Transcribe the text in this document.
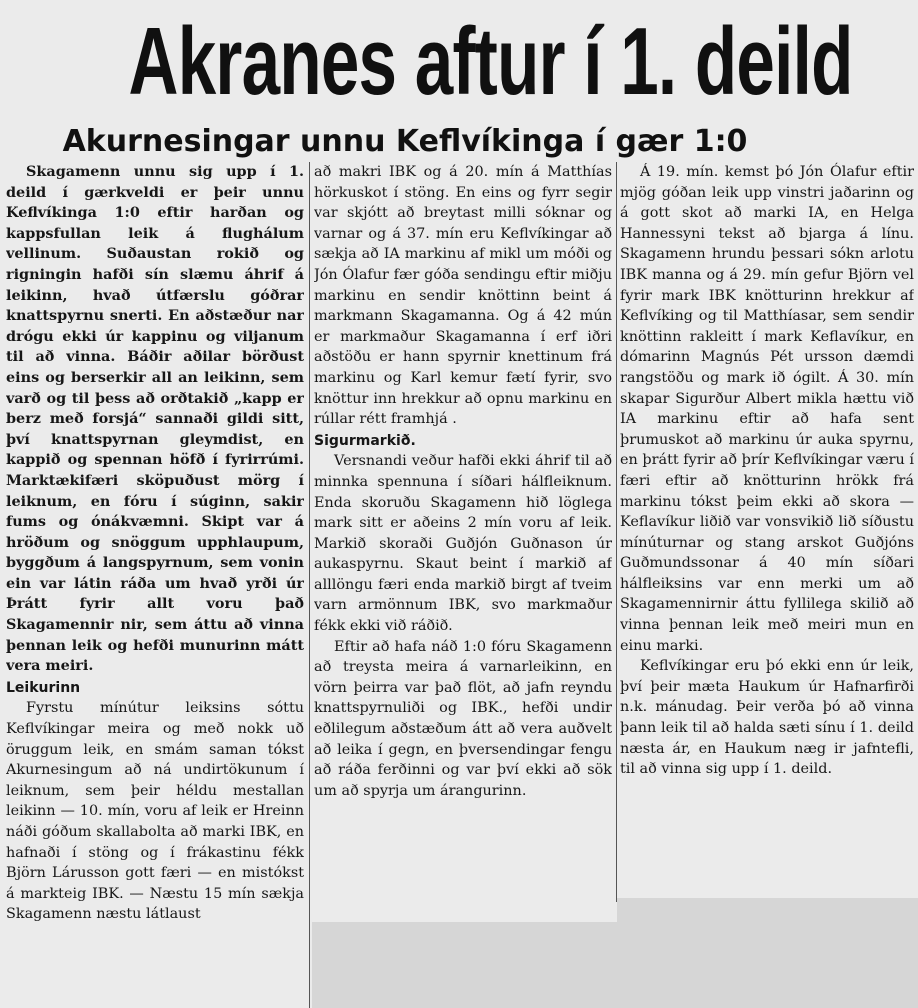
Akranes aftur í 1. deild
Akurnesingar unnu Keflvíkinga í gær 1:0

Skagamenn unnu sig upp í 1. deild í gærkveldi er þeir unnu Keflvíkinga 1:0 eftir harðan og kappsfullan leik á flughálum vellinum. Suðaustan rokið og rigningin hafði sín slæmu áhrif á leikinn, hvað útfærslu góðrar knattspyrnu snerti. En aðstæður nar drógu ekki úr kappinu og viljanum til að vinna. Báðir aðilar börðust eins og berserkir all an leikinn, sem varð og til þess að orðtakið „kapp er berz með forsjá“ sannaði gildi sitt, því knattspyrnan gleymdist, en kappið og spennan höfð í fyrirrúmi. Marktækifæri sköpuðust mörg í leiknum, en fóru í súginn, sakir fums og ónákvæmni. Skipt var á hröðum og snöggum upphlaupum, byggðum á langspyrnum, sem vonin ein var látin ráða um hvað yrði úr Þrátt fyrir allt voru það Skagamennir nir, sem áttu að vinna þennan leik og hefði munurinn mátt vera meiri.

Leikurinn

Fyrstu mínútur leiksins sóttu Keflvíkingar meira og með nokk uð öruggum leik, en smám saman tókst Akurnesingum að ná undirtökunum í leiknum, sem þeir héldu mestallan leikinn — 10. mín, voru af leik er Hreinn náði góðum skallabolta að marki IBK, en hafnaði í stöng og í frákastinu fékk Björn Lárusson gott færi — en mistókst á markteig IBK. — Næstu 15 mín sækja Skagamenn næstu látlaust

að makri IBK og á 20. mín á Matthías hörkuskot í stöng. En eins og fyrr segir var skjótt að breytast milli sóknar og varnar og á 37. mín eru Keflvíkingar að sækja að IA markinu af mikl um móði og Jón Ólafur fær góða sendingu eftir miðju markinu en sendir knöttinn beint á markmann Skagamanna. Og á 42 mún er markmaður Skagamanna í erf iðri aðstöðu er hann spyrnir knettinum frá markinu og Karl kemur fætí fyrir, svo knöttur inn hrekkur að opnu markinu en rúllar rétt framhjá .

Sigurmarkið.

Versnandi veður hafði ekki áhrif til að minnka spennuna í síðari hálfleiknum. Enda skoruðu Skagamenn hið löglega mark sitt er aðeins 2 mín voru af leik. Markið skoraði Guðjón Guðnason úr aukaspyrnu. Skaut beint í markið af alllöngu færi enda markið birgt af tveim varn armönnum IBK, svo markmaður fékk ekki við ráðið.

Eftir að hafa náð 1:0 fóru Skagamenn að treysta meira á varnarleikinn, en vörn þeirra var það flöt, að jafn reyndu knattspyrnuliði og IBK., hefði undir eðlilegum aðstæðum átt að vera auðvelt að leika í gegn, en þversendingar fengu að ráða ferðinni og var því ekki að sök um að spyrja um árangurinn.

Á 19. mín. kemst þó Jón Ólafur eftir mjög góðan leik upp vinstri jaðarinn og á gott skot að marki IA, en Helga Hannessyni tekst að bjarga á línu. Skagamenn hrundu þessari sókn arlotu IBK manna og á 29. mín gefur Björn vel fyrir mark IBK knötturinn hrekkur af Keflvíking og til Matthíasar, sem sendir knöttinn rakleitt í mark Keflavíkur, en dómarinn Magnús Pét ursson dæmdi rangstöðu og mark ið ógilt. Á 30. mín skapar Sigurður Albert mikla hættu við IA markinu eftir að hafa sent þrumuskot að markinu úr auka spyrnu, en þrátt fyrir að þrír Keflvíkingar væru í færi eftir að knötturinn hrökk frá markinu tókst þeim ekki að skora — Keflavíkur liðið var vonsvikið lið síðustu mínúturnar og stang arskot Guðjóns Guðmundssonar á 40 mín síðari hálfleiksins var enn merki um að Skagamennirnir áttu fyllilega skilið að vinna þennan leik með meiri mun en einu marki.

Keflvíkingar eru þó ekki enn úr leik, því þeir mæta Haukum úr Hafnarfirði n.k. mánudag. Þeir verða þó að vinna þann leik til að halda sæti sínu í 1. deild næsta ár, en Haukum næg ir jafntefli, til að vinna sig upp í 1. deild.
